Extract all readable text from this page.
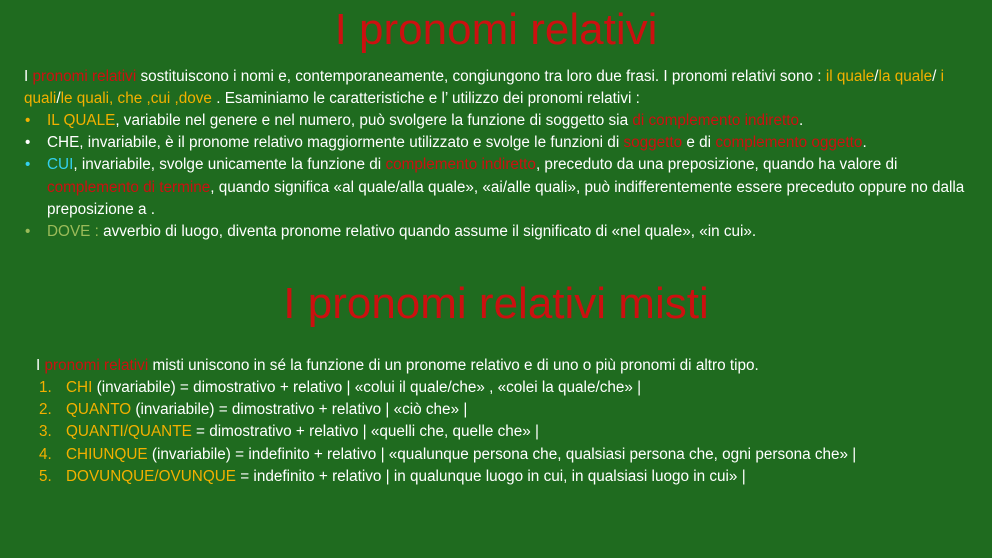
I pronomi relativi
I pronomi relativi sostituiscono i nomi e, contemporaneamente, congiungono tra loro due frasi. I pronomi relativi sono : il quale/la quale/ i quali/le quali, che ,cui ,dove . Esaminiamo le caratteristiche e l’ utilizzo dei pronomi relativi :
• IL QUALE, variabile nel genere e nel numero, può svolgere la funzione di soggetto sia di complemento indiretto.
• CHE, invariabile, è il pronome relativo maggiormente utilizzato e svolge le funzioni di soggetto e di complemento oggetto.
• CUI, invariabile, svolge unicamente la funzione di complemento indiretto, preceduto da una preposizione, quando ha valore di complemento di termine, quando significa «al quale/alla quale», «ai/alle quali», può indifferentemente essere preceduto oppure no dalla preposizione a .
• DOVE : avverbio di luogo, diventa pronome relativo quando assume il significato di «nel quale», «in cui».
I pronomi relativi misti
I pronomi relativi misti uniscono in sé la funzione di un pronome relativo e di uno o più pronomi di altro tipo.
1. CHI (invariabile) = dimostrativo + relativo | «colui il quale/che» , «colei la quale/che» |
2. QUANTO (invariabile) = dimostrativo + relativo | «ciò che» |
3. QUANTI/QUANTE = dimostrativo + relativo | «quelli che, quelle che» |
4. CHIUNQUE (invariabile) = indefinito + relativo | «qualunque persona che, qualsiasi persona che, ogni persona che» |
5. DOVUNQUE/OVUNQUE = indefinito + relativo | in qualunque luogo in cui, in qualsiasi luogo in cui» |
